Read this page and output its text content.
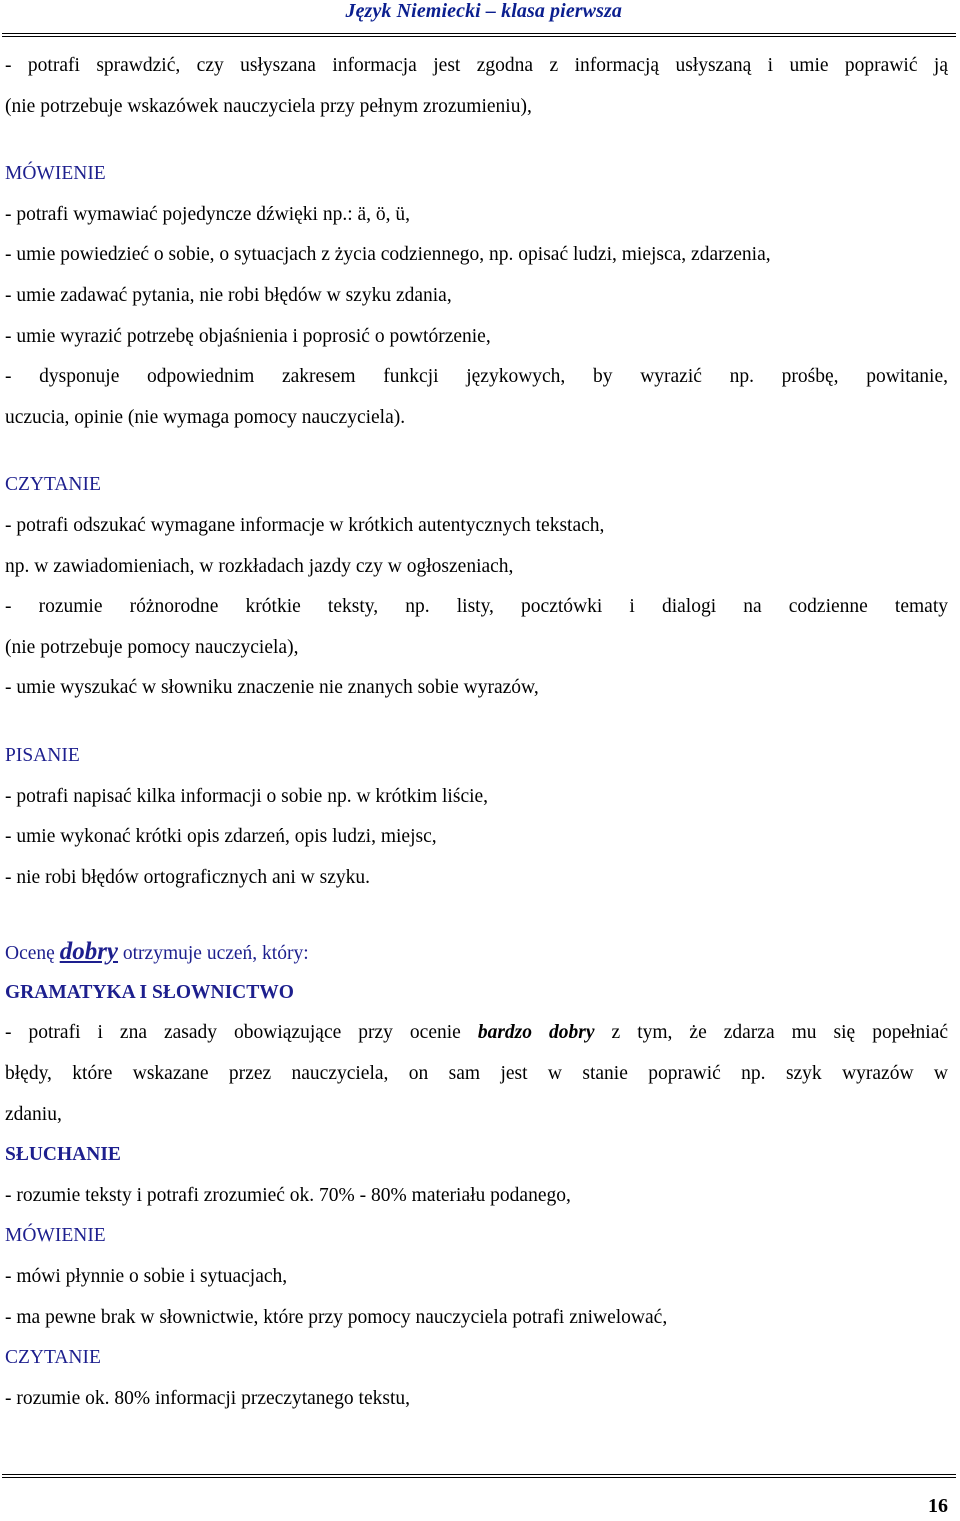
Język Niemiecki – klasa pierwsza
- potrafi sprawdzić, czy usłyszana informacja jest zgodna z informacją usłyszaną i umie poprawić ją
(nie potrzebuje wskazówek nauczyciela przy pełnym zrozumieniu),
MÓWIENIE
- potrafi wymawiać pojedyncze dźwięki np.: ä, ö, ü,
- umie powiedzieć o sobie, o sytuacjach z życia codziennego, np. opisać ludzi, miejsca, zdarzenia,
- umie zadawać pytania, nie robi błędów w szyku zdania,
- umie wyrazić potrzebę objaśnienia i poprosić o powtórzenie,
- dysponuje odpowiednim zakresem funkcji językowych, by wyrazić np. prośbę, powitanie,
uczucia, opinie (nie wymaga pomocy nauczyciela).
CZYTANIE
- potrafi odszukać wymagane informacje w krótkich autentycznych tekstach,
np. w zawiadomieniach, w rozkładach jazdy czy w ogłoszeniach,
- rozumie różnorodne krótkie teksty, np. listy, pocztówki i dialogi na codzienne tematy
(nie potrzebuje pomocy nauczyciela),
- umie wyszukać w słowniku znaczenie nie znanych sobie wyrazów,
PISANIE
- potrafi napisać kilka informacji o sobie np. w krótkim liście,
- umie wykonać krótki opis zdarzeń, opis ludzi, miejsc,
- nie robi błędów ortograficznych ani w szyku.
Ocenę dobry otrzymuje uczeń, który:
GRAMATYKA I SŁOWNICTWO
- potrafi i zna zasady obowiązujące przy ocenie bardzo dobry z tym, że zdarza mu się popełniać
błędy, które wskazane przez nauczyciela, on sam jest w stanie poprawić np. szyk wyrazów w
zdaniu,
SŁUCHANIE
- rozumie teksty i potrafi zrozumieć ok. 70% - 80% materiału podanego,
MÓWIENIE
- mówi płynnie o sobie i sytuacjach,
- ma pewne brak w słownictwie, które przy pomocy nauczyciela potrafi zniwelować,
CZYTANIE
- rozumie ok. 80% informacji przeczytanego tekstu,
16
